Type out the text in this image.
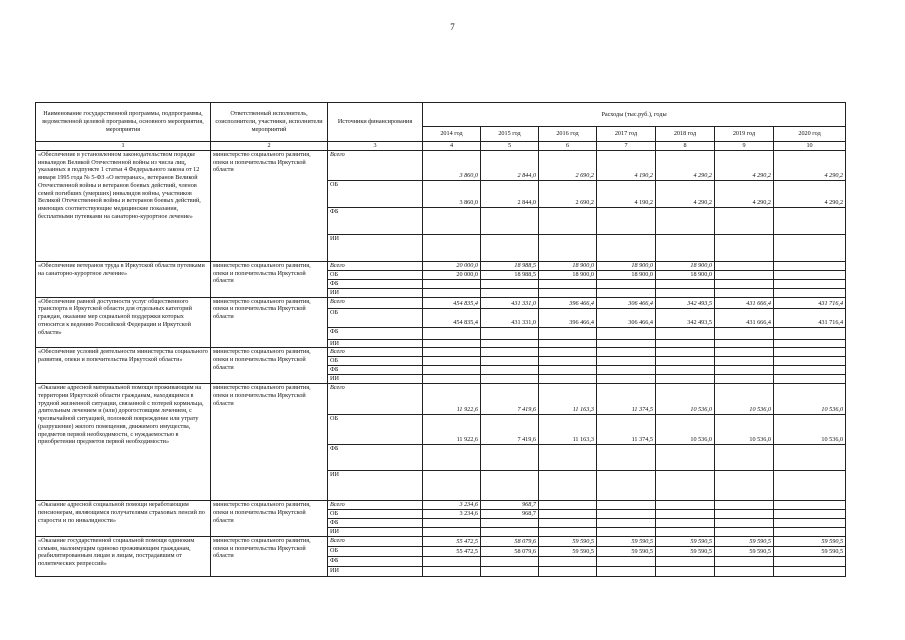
7
Наименование государственной программы, подпрограммы, ведомственной целевой программы, основного мероприятия, мероприятия	Ответственный исполнитель, соисполнители, участники, исполнители мероприятий	Источники финансирования	Расходы (тыс.руб.), годы						
			2014 год	2015 год	2016 год	2017 год	2018 год	2019 год	2020 год
1	2	3	4	5	6	7	8	9	10
«Обеспечение в установленном законодательством порядке инвалидов Великой Отечественной войны из числа лиц, указанных в подпункте 1 статьи 4 Федерального закона от 12 января 1995 года № 5-ФЗ «О ветеранах», ветеранов Великой Отечественной войны и ветеранов боевых действий, членов семей погибших (умерших) инвалидов войны, участников Великой Отечественной войны и ветеранов боевых действий, имеющих соответствующие медицинские показания, бесплатными путевками на санаторно-курортное лечение»	министерство социального развития, опеки и попечительства Иркутской области	Всего	3 860,0	2 844,0	2 690,2	4 190,2	4 290,2	4 290,2	4 290,2
		ОБ	3 860,0	2 844,0	2 690,2	4 190,2	4 290,2	4 290,2	4 290,2
		ФБ							
		ИИ							
«Обеспечение ветеранов труда в Иркутской области путевками на санаторно-курортное лечение»	министерство социального развития, опеки и попечительства Иркутской области	Всего	20 000,0	18 988,5	18 900,0	18 900,0	18 900,0		
		ОБ	20 000,0	18 988,5	18 900,0	18 900,0	18 900,0		
		ФБ							
		ИИ							
«Обеспечение равной доступности услуг общественного транспорта в Иркутской области для отдельных категорий граждан, оказание мер социальной поддержки которых относится к ведению Российской Федерации и Иркутской области»	министерство социального развития, опеки и попечительства Иркутской области	Всего	454 835,4	431 331,0	396 466,4	306 466,4	342 493,5	431 666,4	431 716,4
		ОБ	454 835,4	431 331,0	396 466,4	306 466,4	342 493,5	431 666,4	431 716,4
		ФБ							
		ИИ							
«Обеспечение условий деятельности министерства социального развития, опеки и попечительства Иркутской области»	министерство социального развития, опеки и попечительства Иркутской области	Всего							
		ОБ							
		ФБ							
		ИИ							
«Оказание адресной материальной помощи проживающим на территории Иркутской области гражданам, находящимся в трудной жизненной ситуации, связанной с потерей кормильца, длительным лечением и (или) дорогостоящим лечением, с чрезвычайной ситуацией, полонкой повреждение или утрату (разрушение) жилого помещения, движимого имущества, предметов первой необходимости, с нуждаемостью в приобретении предметов первой необходимости»	министерство социального развития, опеки и попечительства Иркутской области	Всего	11 922,6	7 419,6	11 163,3	11 374,5	10 536,0	10 536,0	10 536,0
		ОБ	11 922,6	7 419,6	11 163,3	11 374,5	10 536,0	10 536,0	10 536,0
		ФБ							
		ИИ							
«Оказание адресной социальной помощи неработающим пенсионерам, являющимся получателями страховых пенсий по старости и по инвалидности»	министерство социального развития, опеки и попечительства Иркутской области	Всего	3 234,6	968,7					
		ОБ	3 234,6	968,7					
		ФБ							
		ИИ							
«Оказание государственной социальной помощи одиноким семьям, малоимущим одиноко проживающим гражданам, реабилитированным лицам и лицам, пострадавшим от политических репрессий»	министерство социального развития, опеки и попечительства Иркутской области	Всего	55 472,5	58 079,6	59 590,5	59 590,5	59 590,5	59 590,5	59 590,5
		ОБ	55 472,5	58 079,6	59 590,5	59 590,5	59 590,5	59 590,5	59 590,5
		ФБ							
		ИИ							
